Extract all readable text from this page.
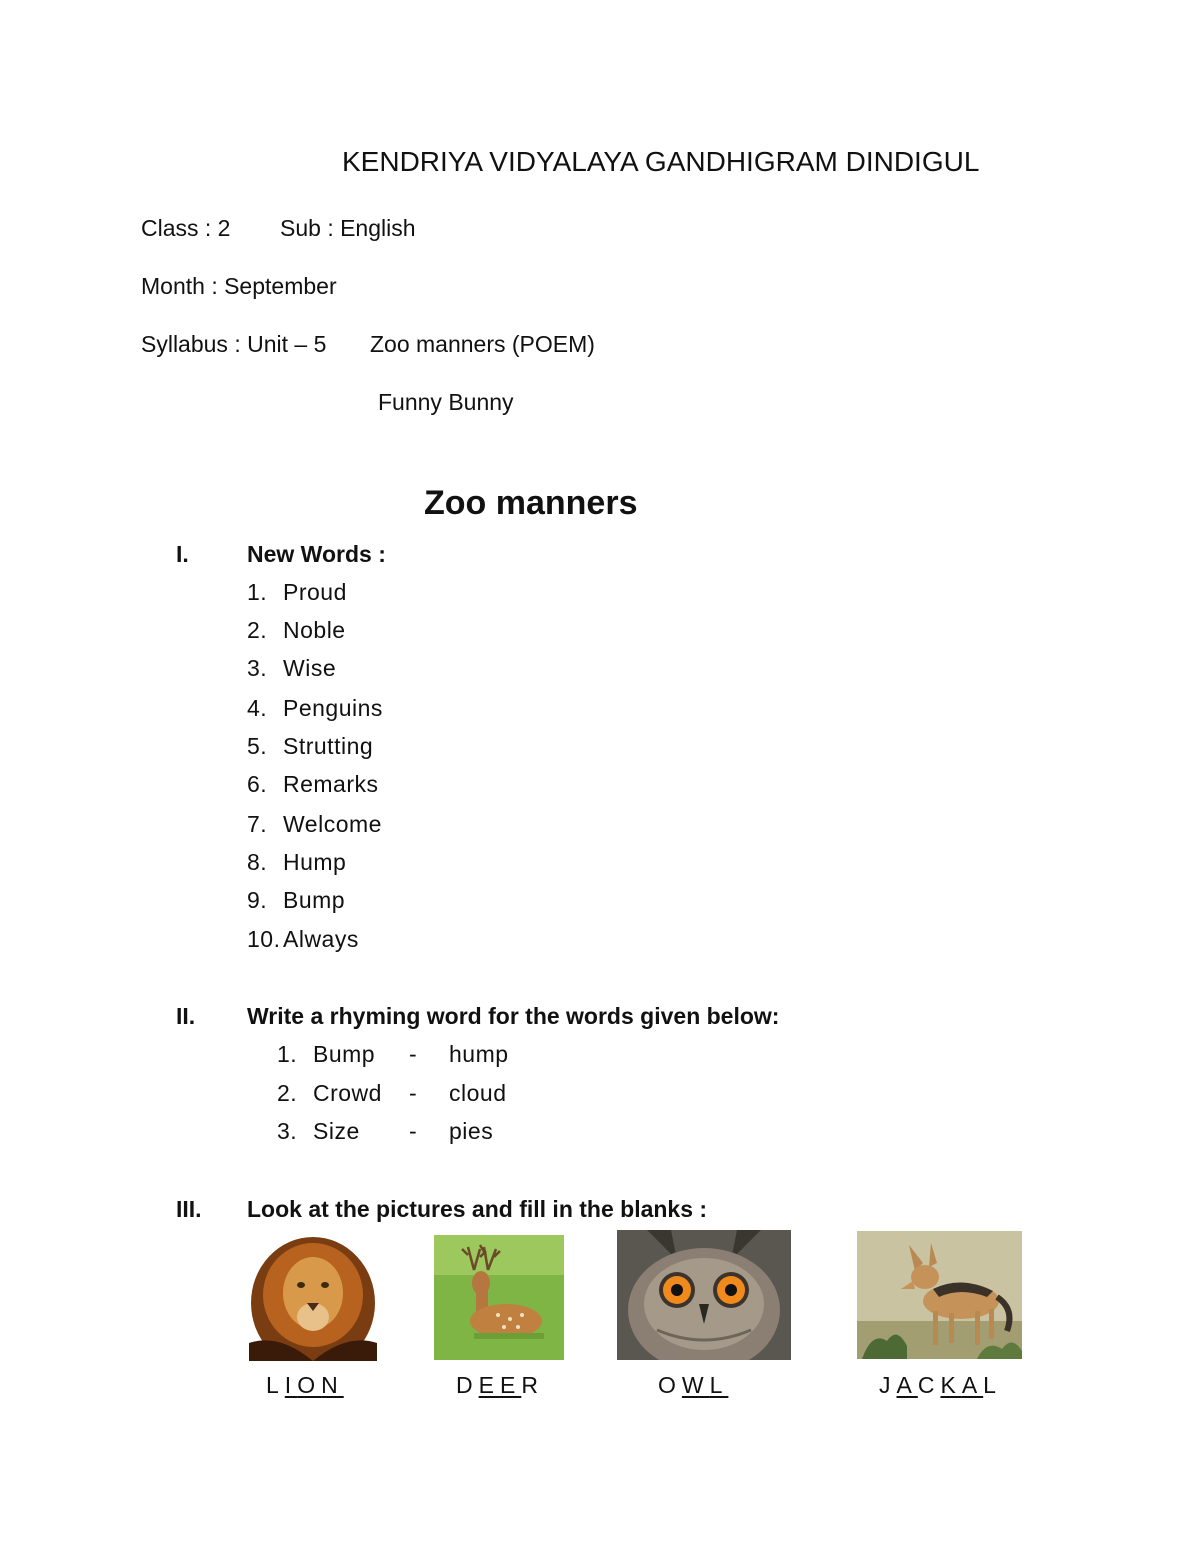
KENDRIYA VIDYALAYA GANDHIGRAM DINDIGUL
Class : 2 Sub : English
Month : September
Syllabus : Unit – 5 Zoo manners (POEM)
Funny Bunny
Zoo manners
I.	New Words :
1. Proud
2. Noble
3. Wise
4. Penguins
5. Strutting
6. Remarks
7. Welcome
8. Hump
9. Bump
10. Always
II. Write a rhyming word for the words given below:
1. Bump - hump
2. Crowd - cloud
3. Size - pies
III. Look at the pictures and fill in the blanks :
LION	DEER	OWL	JACKAL
